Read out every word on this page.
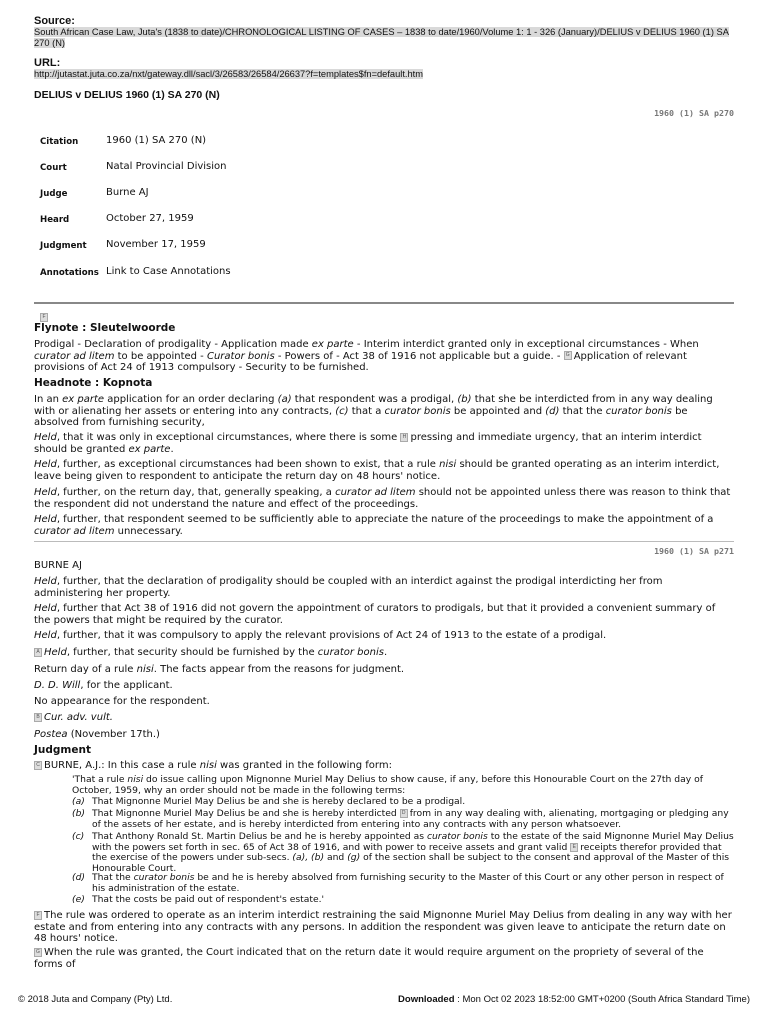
Source:
South African Case Law, Juta's (1838 to date)/CHRONOLOGICAL LISTING OF CASES – 1838 to date/1960/Volume 1: 1 - 326 (January)/DELIUS v DELIUS 1960 (1) SA 270 (N)
URL:
http://jutastat.juta.co.za/nxt/gateway.dll/sacl/3/26583/26584/26637?f=templates$fn=default.htm
DELIUS v DELIUS 1960 (1) SA 270 (N)
1960 (1) SA p270
Citation	1960 (1) SA 270 (N)
Court	Natal Provincial Division
Judge	Burne AJ
Heard	October 27, 1959
Judgment	November 17, 1959
Annotations Link to Case Annotations
F
Flynote : Sleutelwoorde
Prodigal - Declaration of prodigality - Application made ex parte - Interim interdict granted only in exceptional circumstances - When curator ad litem to be appointed - Curator bonis - Powers of - Act 38 of 1916 not applicable but a guide. - G Application of relevant provisions of Act 24 of 1913 compulsory - Security to be furnished.
Headnote : Kopnota
In an ex parte application for an order declaring (a) that respondent was a prodigal, (b) that she be interdicted from in any way dealing with or alienating her assets or entering into any contracts, (c) that a curator bonis be appointed and (d) that the curator bonis be absolved from furnishing security,
Held, that it was only in exceptional circumstances, where there is some H pressing and immediate urgency, that an interim interdict should be granted ex parte.
Held, further, as exceptional circumstances had been shown to exist, that a rule nisi should be granted operating as an interim interdict, leave being given to respondent to anticipate the return day on 48 hours' notice.
Held, further, on the return day, that, generally speaking, a curator ad litem should not be appointed unless there was reason to think that the respondent did not understand the nature and effect of the proceedings.
Held, further, that respondent seemed to be sufficiently able to appreciate the nature of the proceedings to make the appointment of a curator ad litem unnecessary.
1960 (1) SA p271
BURNE AJ
Held, further, that the declaration of prodigality should be coupled with an interdict against the prodigal interdicting her from administering her property.
Held, further that Act 38 of 1916 did not govern the appointment of curators to prodigals, but that it provided a convenient summary of the powers that might be required by the curator.
Held, further, that it was compulsory to apply the relevant provisions of Act 24 of 1913 to the estate of a prodigal.
A Held, further, that security should be furnished by the curator bonis.
Return day of a rule nisi. The facts appear from the reasons for judgment.
D. D. Will, for the applicant.
No appearance for the respondent.
B Cur. adv. vult.
Postea (November 17th.)
Judgment
C BURNE, A.J.: In this case a rule nisi was granted in the following form:
'That a rule nisi do issue calling upon Mignonne Muriel May Delius to show cause, if any, before this Honourable Court on the 27th day of October, 1959, why an order should not be made in the following terms:
(a) That Mignonne Muriel May Delius be and she is hereby declared to be a prodigal.
(b) That Mignonne Muriel May Delius be and she is hereby interdicted D from in any way dealing with, alienating, mortgaging or pledging any of the assets of her estate, and is hereby interdicted from entering into any contracts with any person whatsoever.
(c) That Anthony Ronald St. Martin Delius be and he is hereby appointed as curator bonis to the estate of the said Mignonne Muriel May Delius with the powers set forth in sec. 65 of Act 38 of 1916, and with power to receive assets and grant valid E receipts therefor provided that the exercise of the powers under sub-secs. (a), (b) and (g) of the section shall be subject to the consent and approval of the Master of this Honourable Court.
(d) That the curator bonis be and he is hereby absolved from furnishing security to the Master of this Court or any other person in respect of his administration of the estate.
(e) That the costs be paid out of respondent's estate.'
F The rule was ordered to operate as an interim interdict restraining the said Mignonne Muriel May Delius from dealing in any way with her estate and from entering into any contracts with any persons. In addition the respondent was given leave to anticipate the return date on 48 hours' notice.
G When the rule was granted, the Court indicated that on the return date it would require argument on the propriety of several of the forms of
© 2018 Juta and Company (Pty) Ltd.	Downloaded : Mon Oct 02 2023 18:52:00 GMT+0200 (South Africa Standard Time)
